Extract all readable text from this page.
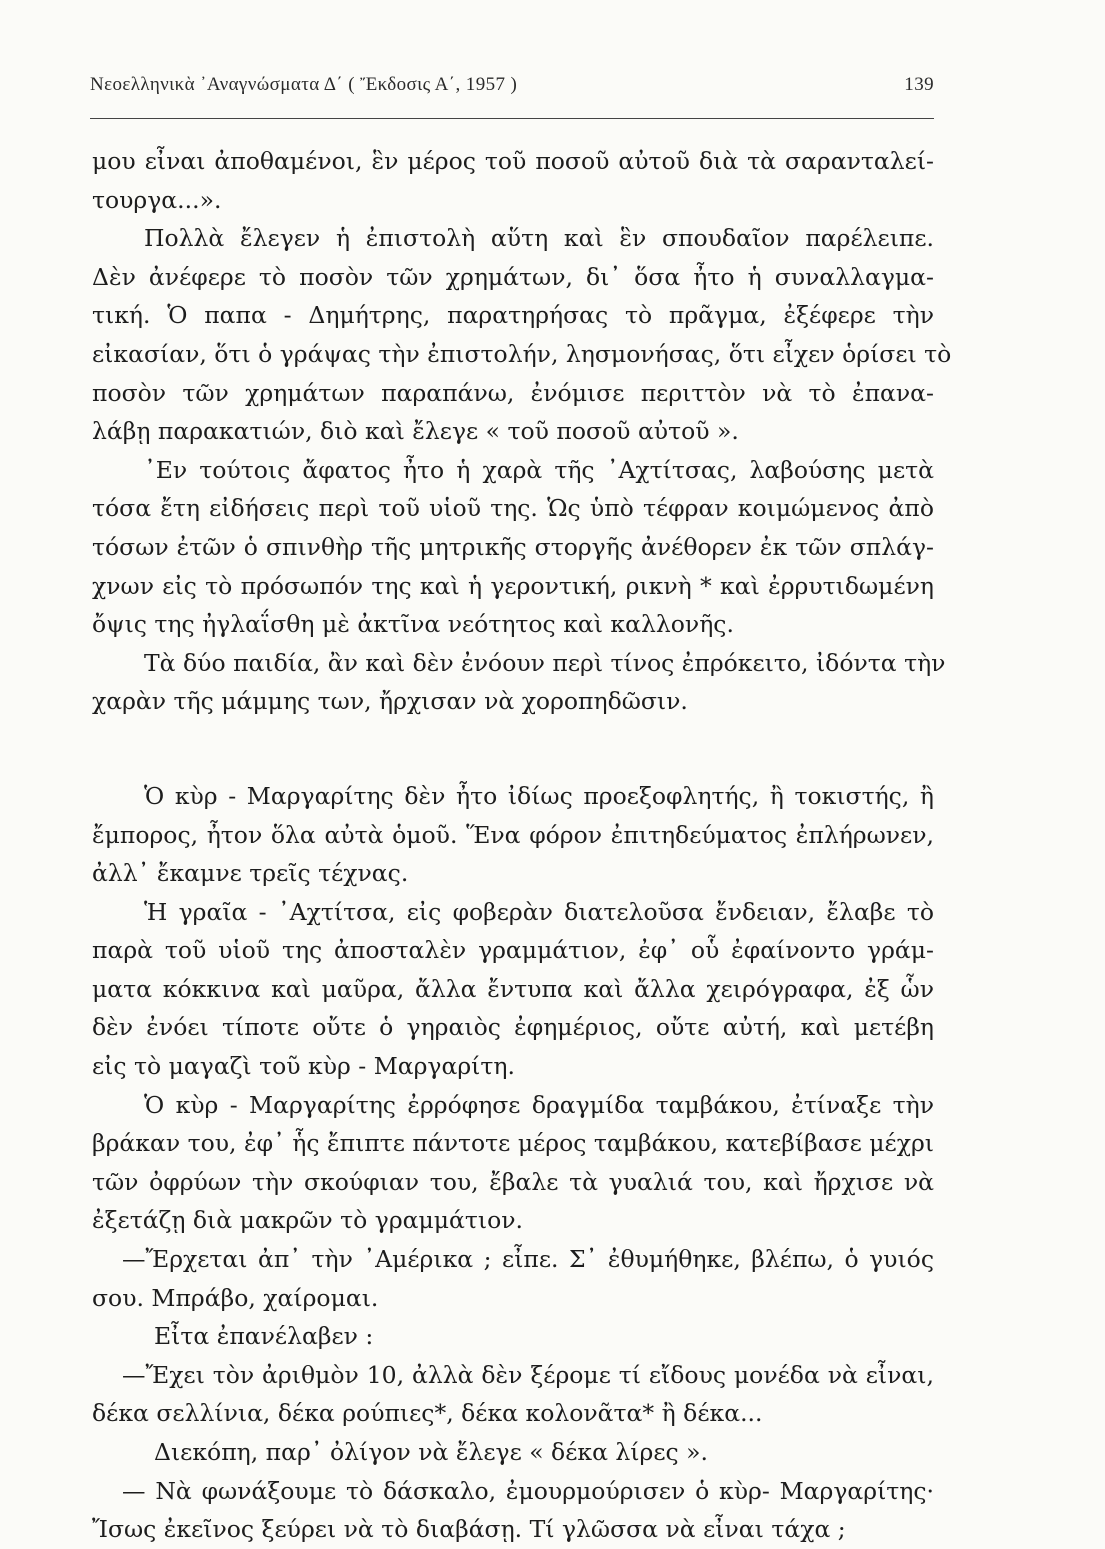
Νεοελληνικὰ ᾿Αναγνώσματα Δ΄ ( Ἔκδοσις Α΄, 1957 )	139
μου εἶναι ἀποθαμένοι, ἓν μέρος τοῦ ποσοῦ αὐτοῦ διὰ τὰ σαρανταλεί-
τουργα...».
Πολλὰ ἔλεγεν ἡ ἐπιστολὴ αὕτη καὶ ἓν σπουδαῖον παρέλειπε.
Δὲν ἀνέφερε τὸ ποσὸν τῶν χρημάτων, δι᾿ ὅσα ἦτο ἡ συναλλαγμα-
τική. Ὁ παπα - Δημήτρης, παρατηρήσας τὸ πρᾶγμα, ἐξέφερε τὴν
εἰκασίαν, ὅτι ὁ γράψας τὴν ἐπιστολήν, λησμονήσας, ὅτι εἶχεν ὁρίσει τὸ
ποσὸν τῶν χρημάτων παραπάνω, ἐνόμισε περιττὸν νὰ τὸ ἐπανα-
λάβῃ παρακατιών, διὸ καὶ ἔλεγε « τοῦ ποσοῦ αὐτοῦ ».
᾿Εν τούτοις ἄφατος ἦτο ἡ χαρὰ τῆς ᾿Αχτίτσας, λαβούσης μετὰ
τόσα ἔτη εἰδήσεις περὶ τοῦ υἱοῦ της. Ὡς ὑπὸ τέφραν κοιμώμενος ἀπὸ
τόσων ἐτῶν ὁ σπινθὴρ τῆς μητρικῆς στοργῆς ἀνέθορεν ἐκ τῶν σπλάγ-
χνων εἰς τὸ πρόσωπόν της καὶ ἡ γεροντική, ρικνὴ * καὶ ἐρρυτιδωμένη
ὄψις της ἠγλαΐσθη μὲ ἀκτῖνα νεότητος καὶ καλλονῆς.
Τὰ δύο παιδία, ἂν καὶ δὲν ἐνόουν περὶ τίνος ἐπρόκειτο, ἰδόντα τὴν
χαρὰν τῆς μάμμης των, ἤρχισαν νὰ χοροπηδῶσιν.
Ὁ κὺρ - Μαργαρίτης δὲν ἦτο ἰδίως προεξοφλητής, ἢ τοκιστής, ἢ
ἔμπορος, ἦτον ὅλα αὐτὰ ὁμοῦ. Ἕνα φόρον ἐπιτηδεύματος ἐπλήρωνεν,
ἀλλ᾿ ἔκαμνε τρεῖς τέχνας.
Ἡ γραῖα - ᾿Αχτίτσα, εἰς φοβερὰν διατελοῦσα ἔνδειαν, ἔλαβε τὸ
παρὰ τοῦ υἱοῦ της ἀποσταλὲν γραμμάτιον, ἐφ᾿ οὗ ἐφαίνοντο γράμ-
ματα κόκκινα καὶ μαῦρα, ἄλλα ἔντυπα καὶ ἄλλα χειρόγραφα, ἐξ ὧν
δὲν ἐνόει τίποτε οὔτε ὁ γηραιὸς ἐφημέριος, οὔτε αὐτή, καὶ μετέβη
εἰς τὸ μαγαζὶ τοῦ κὺρ - Μαργαρίτη.
Ὁ κὺρ - Μαργαρίτης ἐρρόφησε δραγμίδα ταμβάκου, ἐτίναξε τὴν
βράκαν του, ἐφ᾿ ἧς ἔπιπτε πάντοτε μέρος ταμβάκου, κατεβίβασε μέχρι
τῶν ὀφρύων τὴν σκούφιαν του, ἔβαλε τὰ γυαλιά του, καὶ ἤρχισε νὰ
ἐξετάζῃ διὰ μακρῶν τὸ γραμμάτιον.
—Ἔρχεται ἀπ᾿ τὴν ᾿Αμέρικα ; εἶπε. Σ᾿ ἐθυμήθηκε, βλέπω, ὁ γυιός
σου. Μπράβο, χαίρομαι.
Εἶτα ἐπανέλαβεν :
—Ἔχει τὸν ἀριθμὸν 10, ἀλλὰ δὲν ξέρομε τί εἴδους μονέδα νὰ εἶναι,
δέκα σελλίνια, δέκα ρούπιες*, δέκα κολονᾶτα* ἢ δέκα...
Διεκόπη, παρ᾿ ὀλίγον νὰ ἔλεγε « δέκα λίρες ».
— Νὰ φωνάξουμε τὸ δάσκαλο, ἐμουρμούρισεν ὁ κὺρ- Μαργαρίτης·
Ἴσως ἐκεῖνος ξεύρει νὰ τὸ διαβάσῃ. Τί γλῶσσα νὰ εἶναι τάχα ;
